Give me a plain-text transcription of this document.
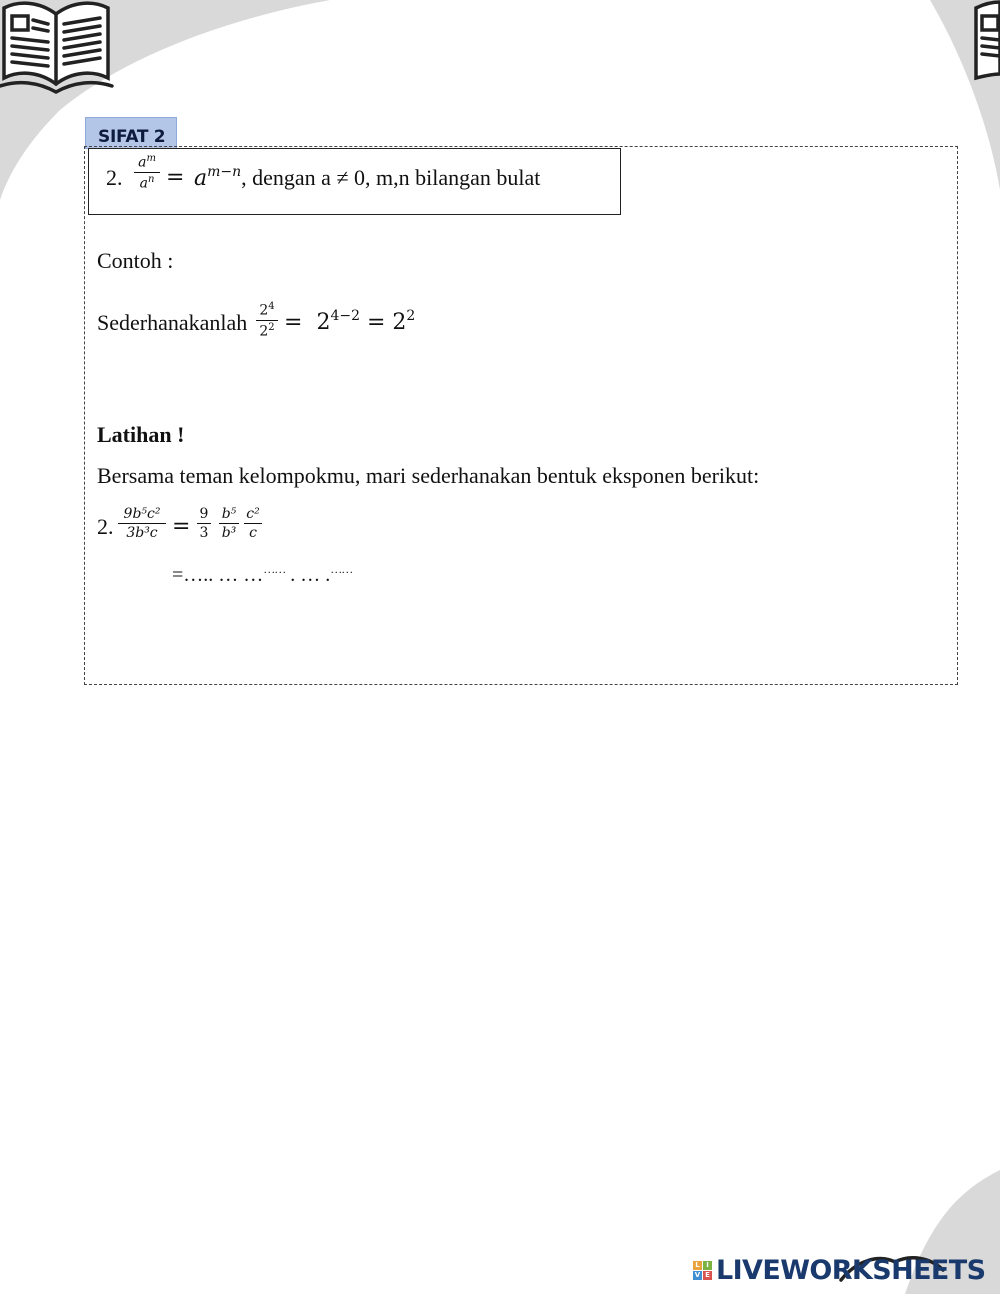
SIFAT 2
2.
$a^m$
$a^n = a^{m-n}$, dengan a ≠ 0, m,n bilangan bulat
Contoh :
Sederhanakanlah $2^4$
$2^2 = 2^{4-2} = 2^2$
Latihan !
Bersama teman kelompokmu, mari sederhanakan bentuk eksponen berikut:
2. 9b⁵c²
3b³c = 9
3
b⁵
b³
c²
c
=….. … ……… . … .……
L I
V E LIVEWORKSHEETS
